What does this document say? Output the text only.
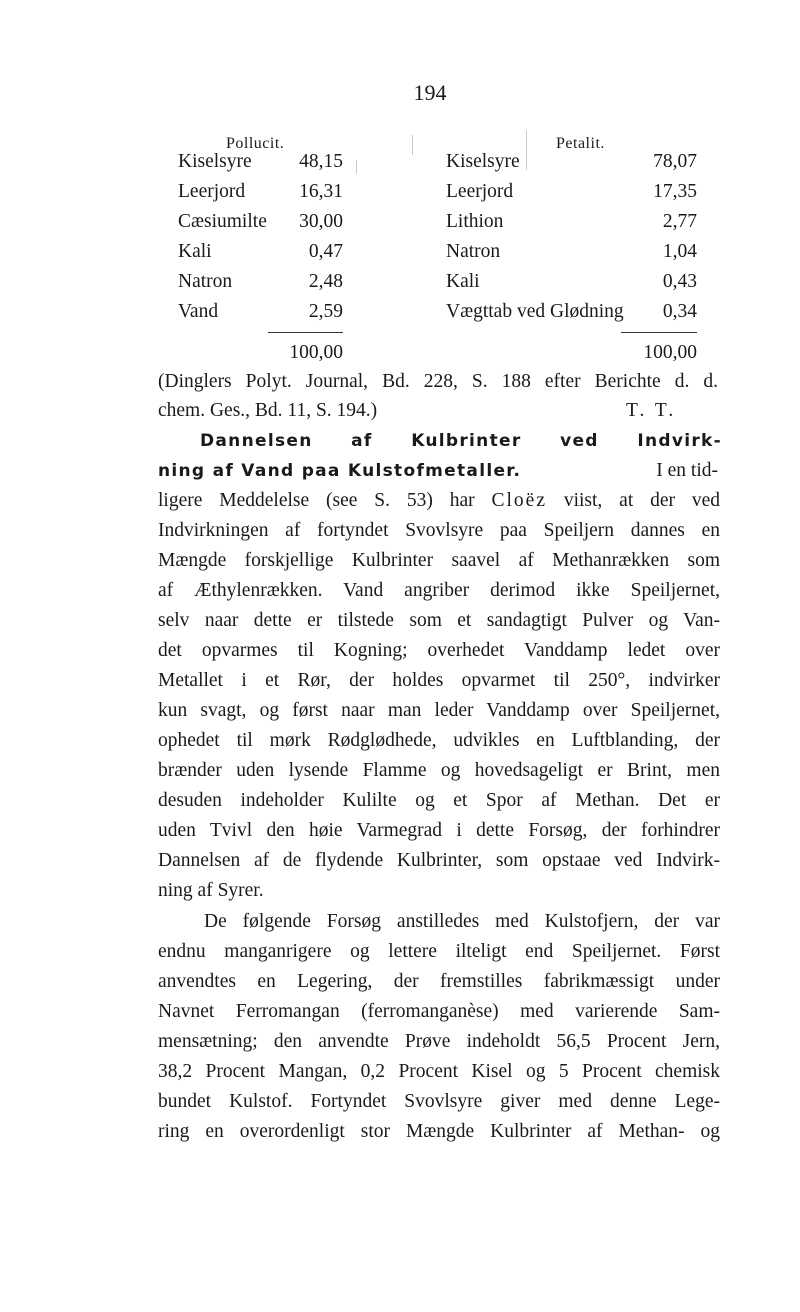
194
Pollucit.
Kiselsyre 48,15
Leerjord	16,31
Cæsiumilte 30,00
Kali	0,47
Natron	2,48
Vand	2,59
100,00
Petalit.
Kiselsyre	78,07
Leerjord	17,35
Lithion	2,77
Natron	1,04
Kali	0,43
Vægttab ved Glødning 0,34
100,00
(Dinglers Polyt. Journal, Bd. 228, S. 188 efter Berichte d. d.
chem. Ges., Bd. 11, S. 194.)	T. T.
Dannelsen af Kulbrinter ved Indvirk-
ning af Vand paa Kulstofmetaller.	I en tid-
ligere Meddelelse (see S. 53) har Cloëz viist, at der ved
Indvirkningen af fortyndet Svovlsyre paa Speiljern dannes en
Mængde forskjellige Kulbrinter saavel af Methanrækken som
af Æthylenrækken. Vand angriber derimod ikke Speiljernet,
selv naar dette er tilstede som et sandagtigt Pulver og Van-
det opvarmes til Kogning; overhedet Vanddamp ledet over
Metallet i et Rør, der holdes opvarmet til 250°, indvirker
kun svagt, og først naar man leder Vanddamp over Speiljernet,
ophedet til mørk Rødglødhede, udvikles en Luftblanding, der
brænder uden lysende Flamme og hovedsageligt er Brint, men
desuden indeholder Kulilte og et Spor af Methan. Det er
uden Tvivl den høie Varmegrad i dette Forsøg, der forhindrer
Dannelsen af de flydende Kulbrinter, som opstaae ved Indvirk-
ning af Syrer.
De følgende Forsøg anstilledes med Kulstofjern, der var
endnu manganrigere og lettere ilteligt end Speiljernet. Først
anvendtes en Legering, der fremstilles fabrikmæssigt under
Navnet Ferromangan (ferromanganèse) med varierende Sam-
mensætning; den anvendte Prøve indeholdt 56,5 Procent Jern,
38,2 Procent Mangan, 0,2 Procent Kisel og 5 Procent chemisk
bundet Kulstof. Fortyndet Svovlsyre giver med denne Lege-
ring en overordenligt stor Mængde Kulbrinter af Methan- og
